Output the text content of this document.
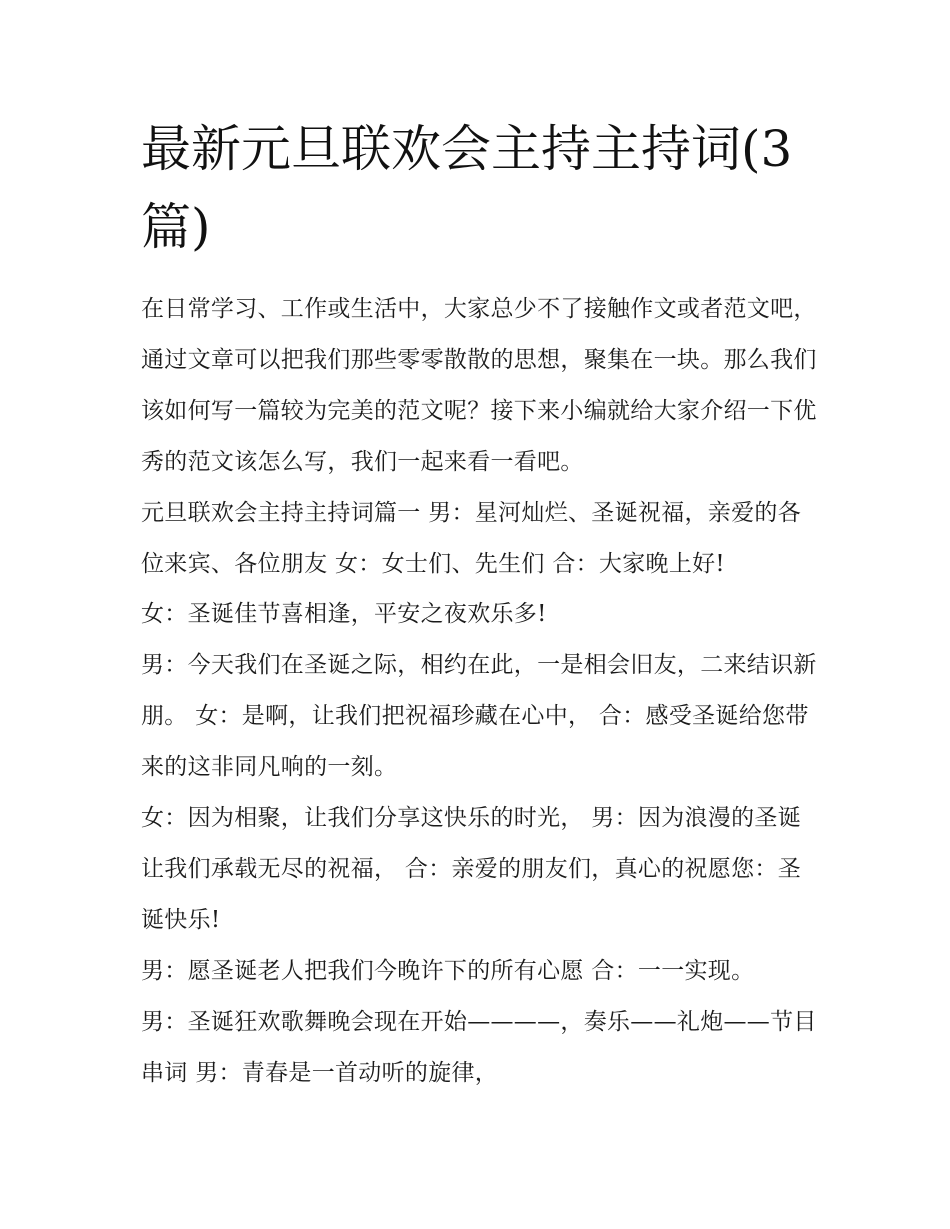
最新元旦联欢会主持主持词(3篇)

在日常学习、工作或生活中，大家总少不了接触作文或者范文吧，通过文章可以把我们那些零零散散的思想，聚集在一块。那么我们该如何写一篇较为完美的范文呢？接下来小编就给大家介绍一下优秀的范文该怎么写，我们一起来看一看吧。

元旦联欢会主持主持词篇一 男：星河灿烂、圣诞祝福，亲爱的各位来宾、各位朋友 女：女士们、先生们 合：大家晚上好!

女：圣诞佳节喜相逢，平安之夜欢乐多!

男：今天我们在圣诞之际，相约在此，一是相会旧友，二来结识新朋。 女：是啊，让我们把祝福珍藏在心中， 合：感受圣诞给您带来的这非同凡响的一刻。

女：因为相聚，让我们分享这快乐的时光， 男：因为浪漫的圣诞让我们承载无尽的祝福， 合：亲爱的朋友们，真心的祝愿您：圣诞快乐!

男：愿圣诞老人把我们今晚许下的所有心愿 合：一一实现。

男：圣诞狂欢歌舞晚会现在开始————，奏乐——礼炮——节目串词 男：青春是一首动听的旋律，
